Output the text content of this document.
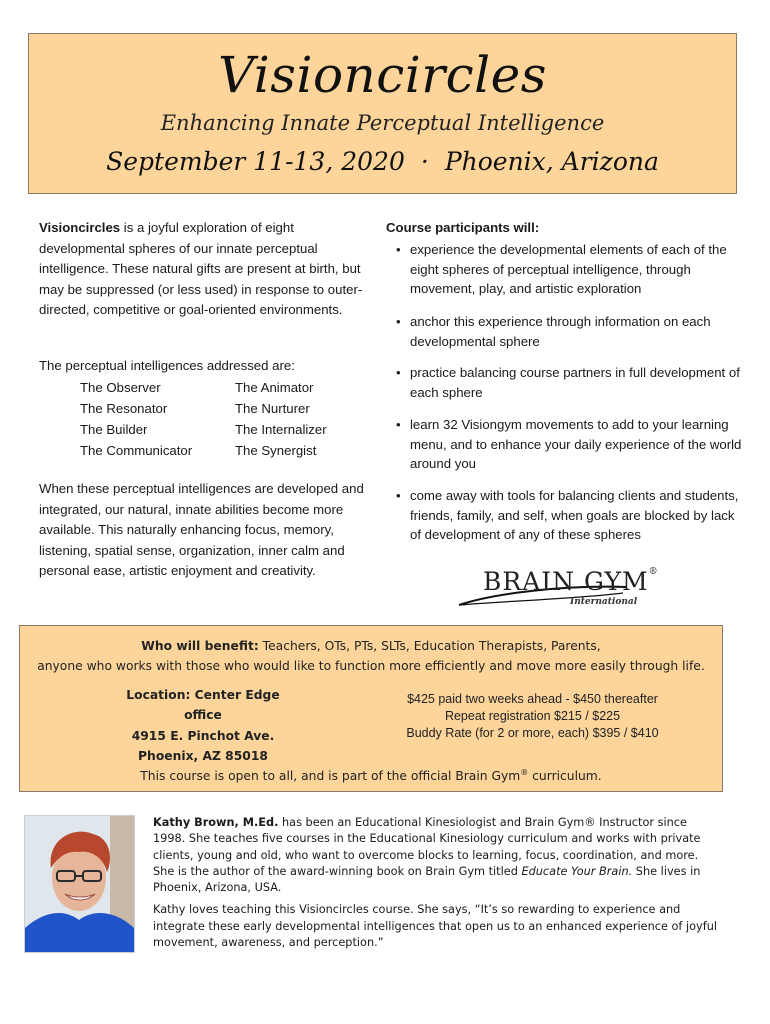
Visioncircles
Enhancing Innate Perceptual Intelligence
September 11-13, 2020 · Phoenix, Arizona

Visioncircles is a joyful exploration of eight developmental spheres of our innate perceptual intelligence. These natural gifts are present at birth, but may be suppressed (or less used) in response to outer-directed, competitive or goal-oriented environments.

The perceptual intelligences addressed are:
The Observer
The Resonator
The Builder
The Communicator
The Animator
The Nurturer
The Internalizer
The Synergist

When these perceptual intelligences are developed and integrated, our natural, innate abilities become more available. This naturally enhancing focus, memory, listening, spatial sense, organization, inner calm and personal ease, artistic enjoyment and creativity.

Course participants will:
• experience the developmental elements of each of the eight spheres of perceptual intelligence, through movement, play, and artistic exploration
• anchor this experience through information on each developmental sphere
• practice balancing course partners in full development of each sphere
• learn 32 Visiongym movements to add to your learning menu, and to enhance your daily experience of the world around you
• come away with tools for balancing clients and students, friends, family, and self, when goals are blocked by lack of development of any of these spheres
BRAIN GYM®
International
Who will benefit: Teachers, OTs, PTs, SLTs, Education Therapists, Parents,
anyone who works with those who would like to function more efficiently and move more easily through life.
Location: Center Edge office
4915 E. Pinchot Ave.
Phoenix, AZ 85018
$425 paid two weeks ahead - $450 thereafter
Repeat registration $215 / $225
Buddy Rate (for 2 or more, each) $395 / $410
This course is open to all, and is part of the official Brain Gym® curriculum.

Kathy Brown, M.Ed. has been an Educational Kinesiologist and Brain Gym® Instructor since 1998. She teaches five courses in the Educational Kinesiology curriculum and works with private clients, young and old, who want to overcome blocks to learning, focus, coordination, and more. She is the author of the award-winning book on Brain Gym titled Educate Your Brain. She lives in Phoenix, Arizona, USA.

Kathy loves teaching this Visioncircles course. She says, “It’s so rewarding to experience and integrate these early developmental intelligences that open us to an enhanced experience of joyful movement, awareness, and perception.”
